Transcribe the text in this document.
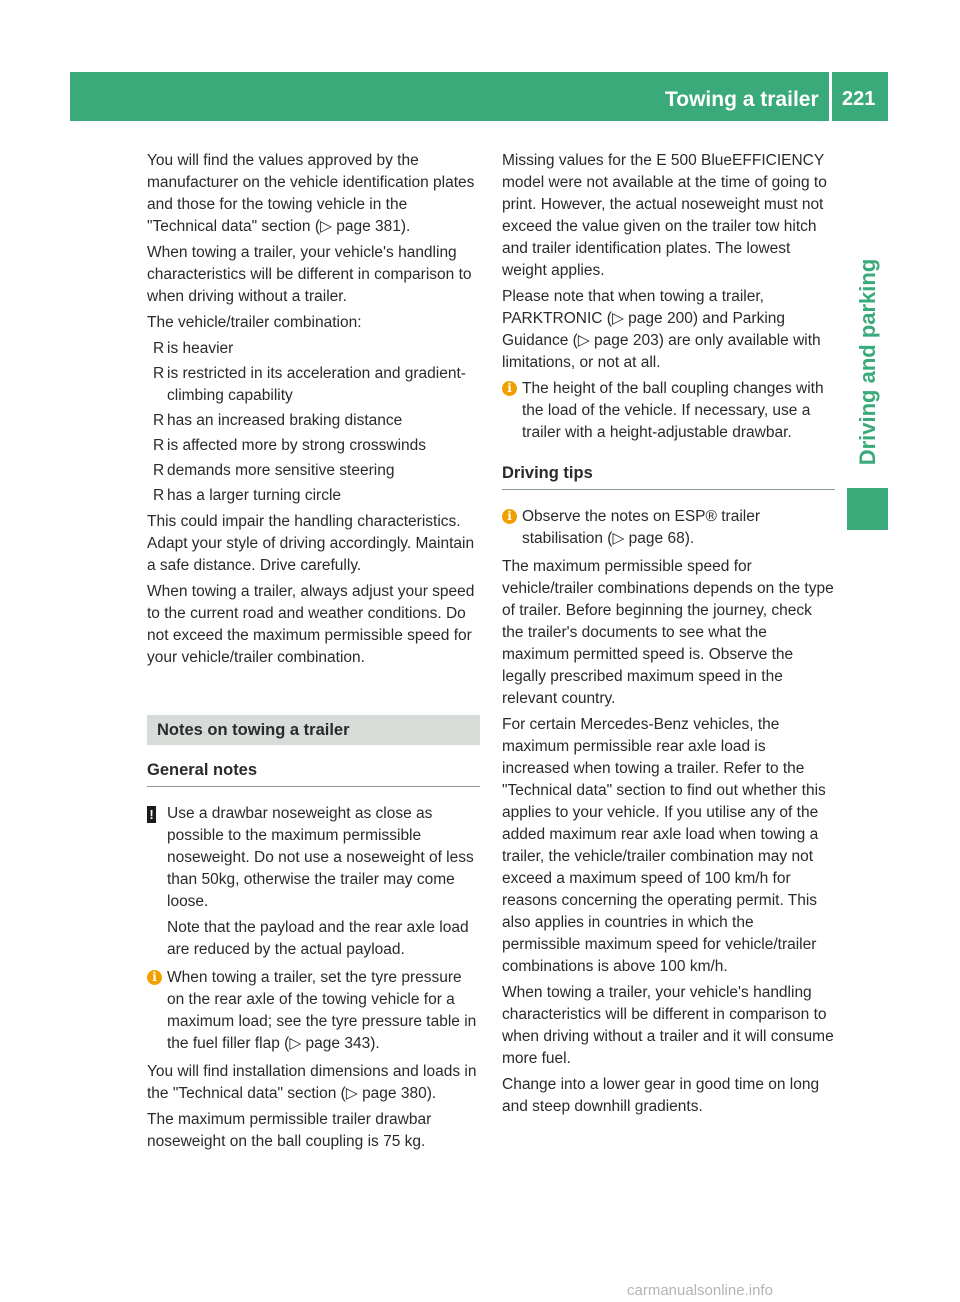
Towing a trailer 221
Driving and parking

You will find the values approved by the manufacturer on the vehicle identification plates and those for the towing vehicle in the "Technical data" section (▷ page 381).

When towing a trailer, your vehicle's handling characteristics will be different in comparison to when driving without a trailer.

The vehicle/trailer combination:

R is heavier
R is restricted in its acceleration and gradient-climbing capability
R has an increased braking distance
R is affected more by strong crosswinds
R demands more sensitive steering
R has a larger turning circle

This could impair the handling characteristics. Adapt your style of driving accordingly. Maintain a safe distance. Drive carefully.

When towing a trailer, always adjust your speed to the current road and weather conditions. Do not exceed the maximum permissible speed for your vehicle/trailer combination.

Notes on towing a trailer
General notes
! Use a drawbar noseweight as close as possible to the maximum permissible noseweight. Do not use a noseweight of less than 50kg, otherwise the trailer may come loose.

Note that the payload and the rear axle load are reduced by the actual payload.

i When towing a trailer, set the tyre pressure on the rear axle of the towing vehicle for a maximum load; see the tyre pressure table in the fuel filler flap (▷ page 343).

You will find installation dimensions and loads in the "Technical data" section (▷ page 380).

The maximum permissible trailer drawbar noseweight on the ball coupling is 75 kg.

Missing values for the E 500 BlueEFFICIENCY model were not available at the time of going to print. However, the actual noseweight must not exceed the value given on the trailer tow hitch and trailer identification plates. The lowest weight applies.

Please note that when towing a trailer, PARKTRONIC (▷ page 200) and Parking Guidance (▷ page 203) are only available with limitations, or not at all.

i The height of the ball coupling changes with the load of the vehicle. If necessary, use a trailer with a height-adjustable drawbar.

Driving tips
i Observe the notes on ESP® trailer stabilisation (▷ page 68).

The maximum permissible speed for vehicle/trailer combinations depends on the type of trailer. Before beginning the journey, check the trailer's documents to see what the maximum permitted speed is. Observe the legally prescribed maximum speed in the relevant country.

For certain Mercedes-Benz vehicles, the maximum permissible rear axle load is increased when towing a trailer. Refer to the "Technical data" section to find out whether this applies to your vehicle. If you utilise any of the added maximum rear axle load when towing a trailer, the vehicle/trailer combination may not exceed a maximum speed of 100 km/h for reasons concerning the operating permit. This also applies in countries in which the permissible maximum speed for vehicle/trailer combinations is above 100 km/h.

When towing a trailer, your vehicle's handling characteristics will be different in comparison to when driving without a trailer and it will consume more fuel.

Change into a lower gear in good time on long and steep downhill gradients.

carmanualsonline.info
